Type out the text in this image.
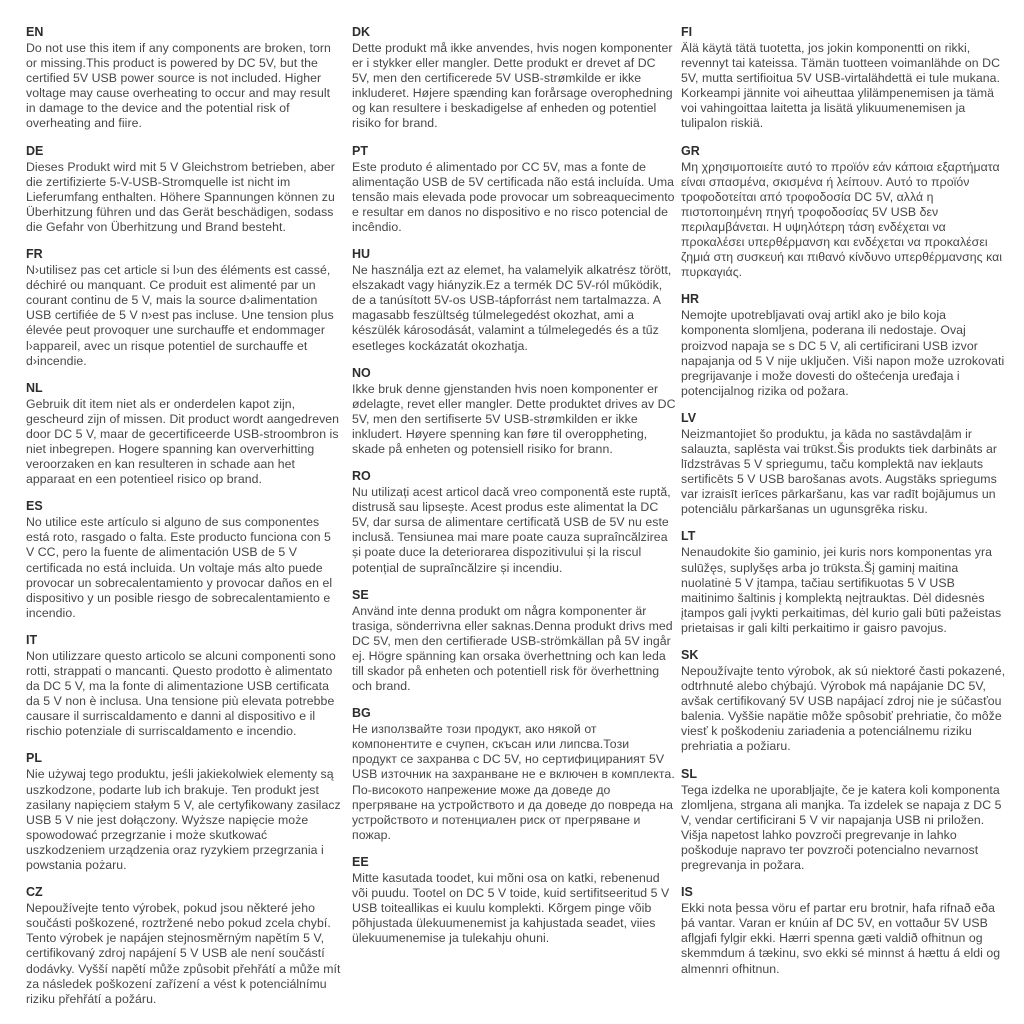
EN
Do not use this item if any components are broken, torn or missing.This product is powered by DC 5V, but the certified 5V USB power source is not included. Higher voltage may cause overheating to occur and may result in damage to the device and the potential risk of overheating and fiire.
DE
Dieses Produkt wird mit 5 V Gleichstrom betrieben, aber die zertifizierte 5-V-USB-Stromquelle ist nicht im Lieferumfang enthalten. Höhere Spannungen können zu Überhitzung führen und das Gerät beschädigen, sodass die Gefahr von Überhitzung und Brand besteht.
FR
N›utilisez pas cet article si l›un des éléments est cassé, déchiré ou manquant. Ce produit est alimenté par un courant continu de 5 V, mais la source d›alimentation USB certifiée de 5 V n›est pas incluse. Une tension plus élevée peut provoquer une surchauffe et endommager l›appareil, avec un risque potentiel de surchauffe et d›incendie.
NL
Gebruik dit item niet als er onderdelen kapot zijn, gescheurd zijn of missen. Dit product wordt aangedreven door DC 5 V, maar de gecertificeerde USB-stroombron is niet inbegrepen. Hogere spanning kan oververhitting veroorzaken en kan resulteren in schade aan het apparaat en een potentieel risico op brand.
ES
No utilice este artículo si alguno de sus componentes está roto, rasgado o falta. Este producto funciona con 5 V CC, pero la fuente de alimentación USB de 5 V certificada no está incluida. Un voltaje más alto puede provocar un sobrecalentamiento y provocar daños en el dispositivo y un posible riesgo de sobrecalentamiento e incendio.
IT
Non utilizzare questo articolo se alcuni componenti sono rotti, strappati o mancanti. Questo prodotto è alimentato da DC 5 V, ma la fonte di alimentazione USB certificata da 5 V non è inclusa. Una tensione più elevata potrebbe causare il surriscaldamento e danni al dispositivo e il rischio potenziale di surriscaldamento e incendio.
PL
Nie używaj tego produktu, jeśli jakiekolwiek elementy są uszkodzone, podarte lub ich brakuje. Ten produkt jest zasilany napięciem stałym 5 V, ale certyfikowany zasilacz USB 5 V nie jest dołączony. Wyższe napięcie może spowodować przegrzanie i może skutkować uszkodzeniem urządzenia oraz ryzykiem przegrzania i powstania pożaru.
CZ
Nepoužívejte tento výrobek, pokud jsou některé jeho součásti poškozené, roztržené nebo pokud zcela chybí. Tento výrobek je napájen stejnosměrným napětím 5 V, certifikovaný zdroj napájení 5 V USB ale není součástí dodávky. Vyšší napětí může způsobit přehřátí a může mít za následek poškození zařízení a vést k potenciálnímu riziku přehřátí a požáru.
DK
Dette produkt må ikke anvendes, hvis nogen komponenter er i stykker eller mangler. Dette produkt er drevet af DC 5V, men den certificerede 5V USB-strømkilde er ikke inkluderet. Højere spænding kan forårsage overophedning og kan resultere i beskadigelse af enheden og potentiel risiko for brand.
PT
Este produto é alimentado por CC 5V, mas a fonte de alimentação USB de 5V certificada não está incluída. Uma tensão mais elevada pode provocar um sobreaquecimento e resultar em danos no dispositivo e no risco potencial de incêndio.
HU
Ne használja ezt az elemet, ha valamelyik alkatrész törött, elszakadt vagy hiányzik.Ez a termék DC 5V-ról működik, de a tanúsított 5V-os USB-tápforrást nem tartalmazza. A magasabb feszültség túlmelegedést okozhat, ami a készülék károsodását, valamint a túlmelegedés és a tűz esetleges kockázatát okozhatja.
NO
Ikke bruk denne gjenstanden hvis noen komponenter er ødelagte, revet eller mangler. Dette produktet drives av DC 5V, men den sertifiserte 5V USB-strømkilden er ikke inkludert. Høyere spenning kan føre til overoppheting, skade på enheten og potensiell risiko for brann.
RO
Nu utilizați acest articol dacă vreo componentă este ruptă, distrusă sau lipsește. Acest produs este alimentat la DC 5V, dar sursa de alimentare certificată USB de 5V nu este inclusă. Tensiunea mai mare poate cauza supraîncălzirea și poate duce la deteriorarea dispozitivului și la riscul potențial de supraîncălzire și incendiu.
SE
Använd inte denna produkt om några komponenter är trasiga, sönderrivna eller saknas.Denna produkt drivs med DC 5V, men den certifierade USB-strömkällan på 5V ingår ej. Högre spänning kan orsaka överhettning och kan leda till skador på enheten och potentiell risk för överhettning och brand.
BG
Не използвайте този продукт, ако някой от компонентите е счупен, скъсан или липсва.Този продукт се захранва с DC 5V, но сертифицираният 5V USB източник на захранване не е включен в комплекта. По-високото напрежение може да доведе до прегряване на устройството и да доведе до повреда на устройството и потенциален риск от прегряване и пожар.
EE
Mitte kasutada toodet, kui mõni osa on katki, rebenenud või puudu. Tootel on DC 5 V toide, kuid sertifitseeritud 5 V USB toiteallikas ei kuulu komplekti. Kõrgem pinge võib põhjustada ülekuumenemist ja kahjustada seadet, viies ülekuumenemise ja tulekahju ohuni.
FI
Älä käytä tätä tuotetta, jos jokin komponentti on rikki, revennyt tai kateissa. Tämän tuotteen voimanlähde on DC 5V, mutta sertifioitua 5V USB-virtalähdettä ei tule mukana. Korkeampi jännite voi aiheuttaa ylilämpenemisen ja tämä voi vahingoittaa laitetta ja lisätä ylikuumenemisen ja tulipalon riskiä.
GR
Μη χρησιμοποιείτε αυτό το προϊόν εάν κάποια εξαρτήματα είναι σπασμένα, σκισμένα ή λείπουν. Αυτό το προϊόν τροφοδοτείται από τροφοδοσία DC 5V, αλλά η πιστοποιημένη πηγή τροφοδοσίας 5V USB δεν περιλαμβάνεται. Η υψηλότερη τάση ενδέχεται να προκαλέσει υπερθέρμανση και ενδέχεται να προκαλέσει ζημιά στη συσκευή και πιθανό κίνδυνο υπερθέρμανσης και πυρκαγιάς.
HR
Nemojte upotrebljavati ovaj artikl ako je bilo koja komponenta slomljena, poderana ili nedostaje. Ovaj proizvod napaja se s DC 5 V, ali certificirani USB izvor napajanja od 5 V nije uključen. Viši napon može uzrokovati pregrijavanje i može dovesti do oštećenja uređaja i potencijalnog rizika od požara.
LV
Neizmantojiet šo produktu, ja kāda no sastāvdaļām ir salauzta, saplēsta vai trūkst.Šis produkts tiek darbināts ar līdzstrāvas 5 V spriegumu, taču komplektā nav iekļauts sertificēts 5 V USB barošanas avots. Augstāks spriegums var izraisīt ierīces pārkaršanu, kas var radīt bojājumus un potenciālu pārkaršanas un ugunsgrēka risku.
LT
Nenaudokite šio gaminio, jei kuris nors komponentas yra sulūžęs, suplyšęs arba jo trūksta.Šį gaminį maitina nuolatinė 5 V įtampa, tačiau sertifikuotas 5 V USB maitinimo šaltinis į komplektą neįtrauktas. Dėl didesnės įtampos gali įvykti perkaitimas, dėl kurio gali būti pažeistas prietaisas ir gali kilti perkaitimo ir gaisro pavojus.
SK
Nepoužívajte tento výrobok, ak sú niektoré časti pokazené, odtrhnuté alebo chýbajú. Výrobok má napájanie DC 5V, avšak certifikovaný 5V USB napájací zdroj nie je súčasťou balenia. Vyššie napätie môže spôsobiť prehriatie, čo môže viesť k poškodeniu zariadenia a potenciálnemu riziku prehriatia a požiaru.
SL
Tega izdelka ne uporabljajte, če je katera koli komponenta zlomljena, strgana ali manjka. Ta izdelek se napaja z DC 5 V, vendar certificirani 5 V vir napajanja USB ni priložen. Višja napetost lahko povzroči pregrevanje in lahko poškoduje napravo ter povzroči potencialno nevarnost pregrevanja in požara.
IS
Ekki nota þessa vöru ef partar eru brotnir, hafa rifnað eða þá vantar. Varan er knúin af DC 5V, en vottaður 5V USB aflgjafi fylgir ekki. Hærri spenna gæti valdið ofhitnun og skemmdum á tækinu, svo ekki sé minnst á hættu á eldi og almennri ofhitnun.
